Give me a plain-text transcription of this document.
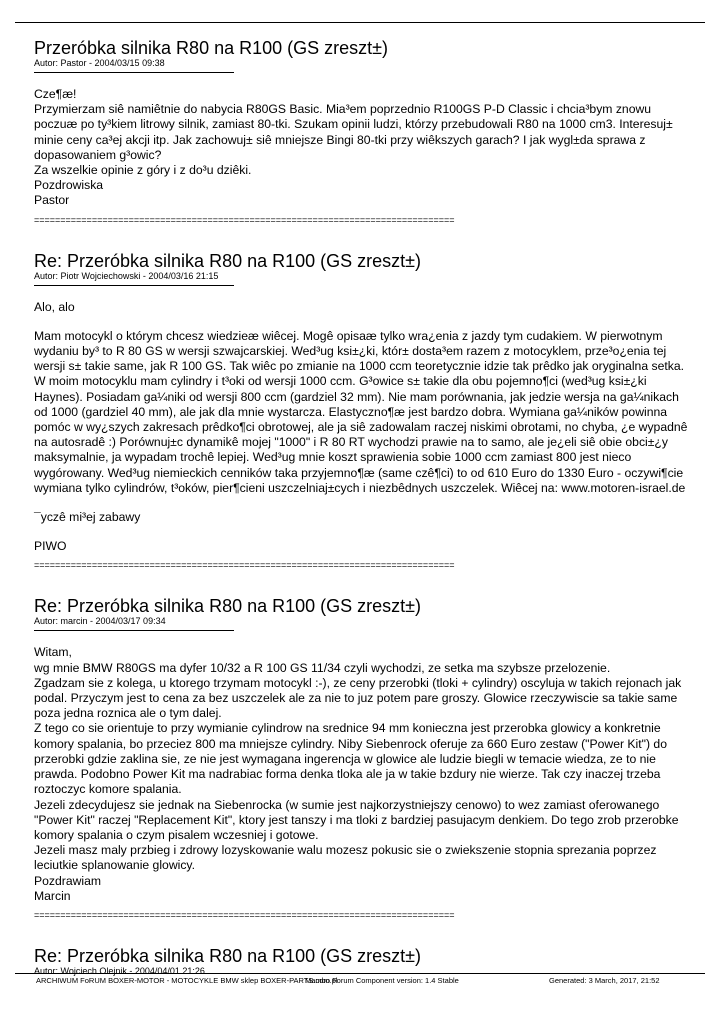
Przeróbka silnika R80 na R100 (GS zreszt±)
Autor: Pastor - 2004/03/15 09:38

Cze¶æ!

Przymierzam siê namiêtnie do nabycia R80GS Basic. Mia³em poprzednio R100GS P-D Classic i chcia³bym znowu poczuæ po ty³kiem litrowy silnik, zamiast 80-tki. Szukam opinii ludzi, którzy przebudowali R80 na 1000 cm3. Interesuj± minie ceny ca³ej akcji itp. Jak zachowuj± siê mniejsze Bingi 80-tki przy wiêkszych garach? I jak wygl±da sprawa z dopasowaniem g³owic?

Za wszelkie opinie z góry i z do³u dziêki.

Pozdrowiska

Pastor

================================================================================
Re: Przeróbka silnika R80 na R100 (GS zreszt±)
Autor: Piotr Wojciechowski - 2004/03/16 21:15

Alo, alo

Mam motocykl o którym chcesz wiedzieæ wiêcej. Mogê opisaæ tylko wra¿enia z jazdy tym cudakiem. W pierwotnym wydaniu by³ to R 80 GS w wersji szwajcarskiej. Wed³ug ksi±¿ki, któr± dosta³em razem z motocyklem, prze³o¿enia tej wersji s± takie same, jak R 100 GS. Tak wiêc po zmianie na 1000 ccm teoretycznie idzie tak prêdko jak oryginalna setka. W moim motocyklu mam cylindry i t³oki od wersji 1000 ccm. G³owice s± takie dla obu pojemno¶ci (wed³ug ksi±¿ki Haynes). Posiadam ga¼niki od wersji 800 ccm (gardziel 32 mm). Nie mam porównania, jak jedzie wersja na ga¼nikach od 1000 (gardziel 40 mm), ale jak dla mnie wystarcza. Elastyczno¶æ jest bardzo dobra. Wymiana ga¼ników powinna pomóc w wy¿szych zakresach prêdko¶ci obrotowej, ale ja siê zadowalam raczej niskimi obrotami, no chyba, ¿e wypadnê na autosradê :) Porównuj±c dynamikê mojej "1000" i R 80 RT wychodzi prawie na to samo, ale je¿eli siê obie obci±¿y maksymalnie, ja wypadam trochê lepiej. Wed³ug mnie koszt sprawienia sobie 1000 ccm zamiast 800 jest nieco wygórowany. Wed³ug niemieckich cenników taka przyjemno¶æ (same czê¶ci) to od 610 Euro do 1330 Euro - oczywi¶cie wymiana tylko cylindrów, t³oków, pier¶cieni uszczelniaj±cych i niezbêdnych uszczelek. Wiêcej na: www.motoren-israel.de

¯yczê mi³ej zabawy

PIWO

================================================================================
Re: Przeróbka silnika R80 na R100 (GS zreszt±)
Autor: marcin - 2004/03/17 09:34

Witam,

wg mnie BMW R80GS ma dyfer 10/32 a R 100 GS 11/34 czyli wychodzi, ze setka ma szybsze przelozenie.

Zgadzam sie z kolega, u ktorego trzymam motocykl :-), ze ceny przerobki (tloki + cylindry) oscyluja w takich rejonach jak podal. Przyczym jest to cena za bez uszczelek ale za nie to juz potem pare groszy. Glowice rzeczywiscie sa takie same poza jedna roznica ale o tym dalej.

Z tego co sie orientuje to przy wymianie cylindrow na srednice 94 mm konieczna jest przerobka glowicy a konkretnie komory spalania, bo przeciez 800 ma mniejsze cylindry. Niby Siebenrock oferuje za 660 Euro zestaw ("Power Kit") do przerobki gdzie zaklina sie, ze nie jest wymagana ingerencja w glowice ale ludzie biegli w temacie wiedza, ze to nie prawda. Podobno Power Kit ma nadrabiac forma denka tloka ale ja w takie bzdury nie wierze. Tak czy inaczej trzeba roztoczyc komore spalania.

Jezeli zdecydujesz sie jednak na Siebenrocka (w sumie jest najkorzystniejszy cenowo) to wez zamiast oferowanego "Power Kit" raczej "Replacement Kit", ktory jest tanszy i ma tloki z bardziej pasujacym denkiem. Do tego zrob przerobke komory spalania o czym pisalem wczesniej i gotowe.

Jezeli masz maly przbieg i zdrowy lozyskowanie walu mozesz pokusic sie o zwiekszenie stopnia sprezania poprzez leciutkie splanowanie glowicy.

Pozdrawiam

Marcin

================================================================================
Re: Przeróbka silnika R80 na R100 (GS zreszt±)
Autor: Wojciech Olejnik - 2004/04/01 21:26
ARCHIWUM FoRUM BOXER-MOTOR - MOTOCYKLE BMW sklep BOXER-PARTS.com.pl
Mambo Forum Component version: 1.4 Stable	Generated: 3 March, 2017, 21:52
